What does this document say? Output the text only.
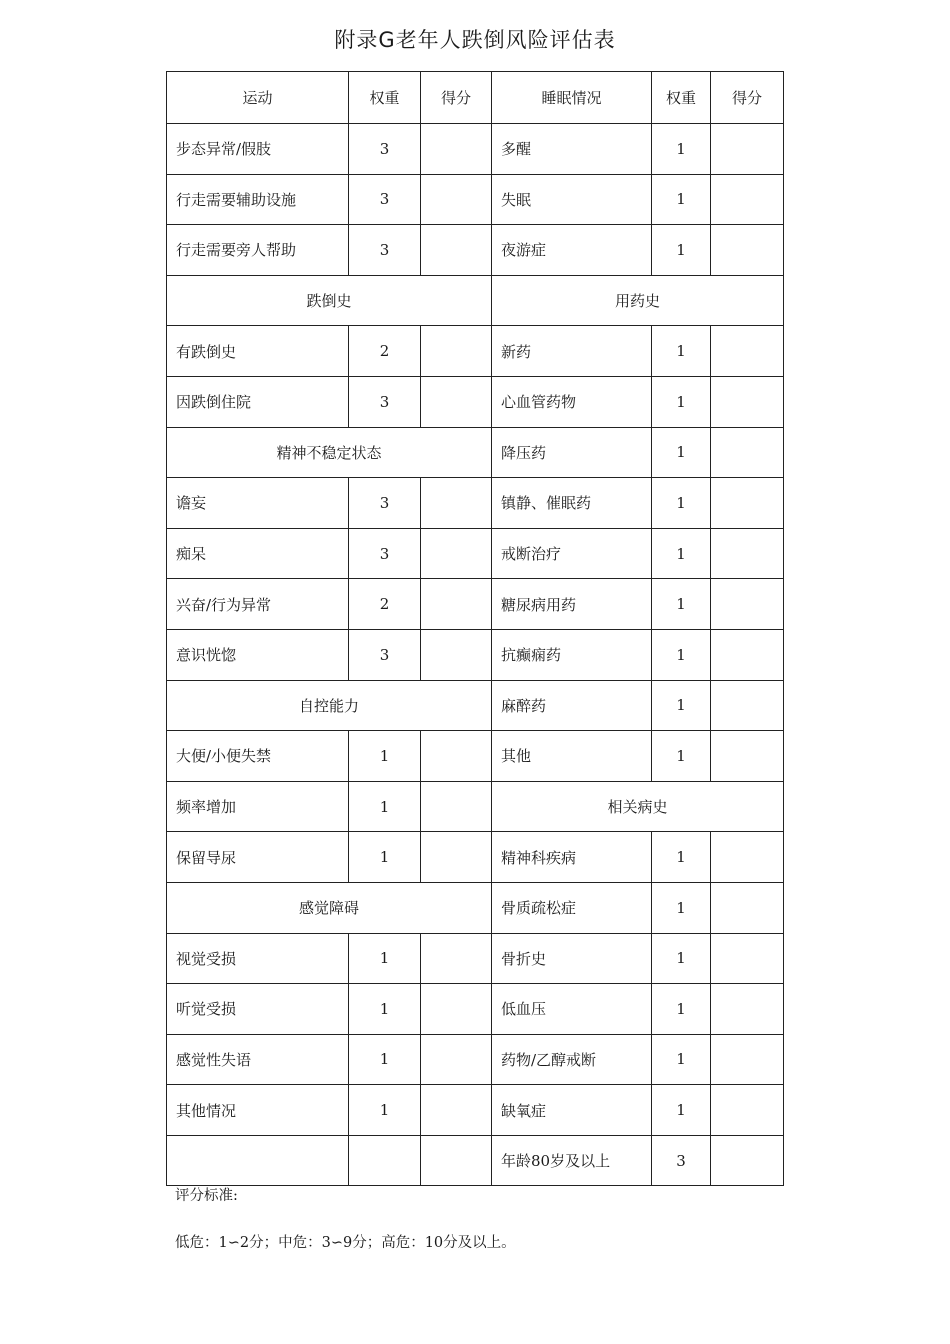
附录G老年人跌倒风险评估表
运动	权重	得分	睡眠情况	权重	得分
步态异常/假肢	3		多醒	1	
行走需要辅助设施	3		失眠	1	
行走需要旁人帮助	3		夜游症	1	
跌倒史			用药史		
有跌倒史	2		新药	1	
因跌倒住院	3		心血管药物	1	
精神不稳定状态			降压药	1	
谵妄	3		镇静、催眠药	1	
痴呆	3		戒断治疗	1	
兴奋/行为异常	2		糖尿病用药	1	
意识恍惚	3		抗癫痫药	1	
自控能力			麻醉药	1	
大便/小便失禁	1		其他	1	
频率增加	1		相关病史		
保留导尿	1		精神科疾病	1	
感觉障碍			骨质疏松症	1	
视觉受损	1		骨折史	1	
听觉受损	1		低血压	1	
感觉性失语	1		药物/乙醇戒断	1	
其他情况	1		缺氧症	1	
			年龄80岁及以上	3	
评分标准:
低危：1∽2分；中危：3∽9分；高危：10分及以上。
